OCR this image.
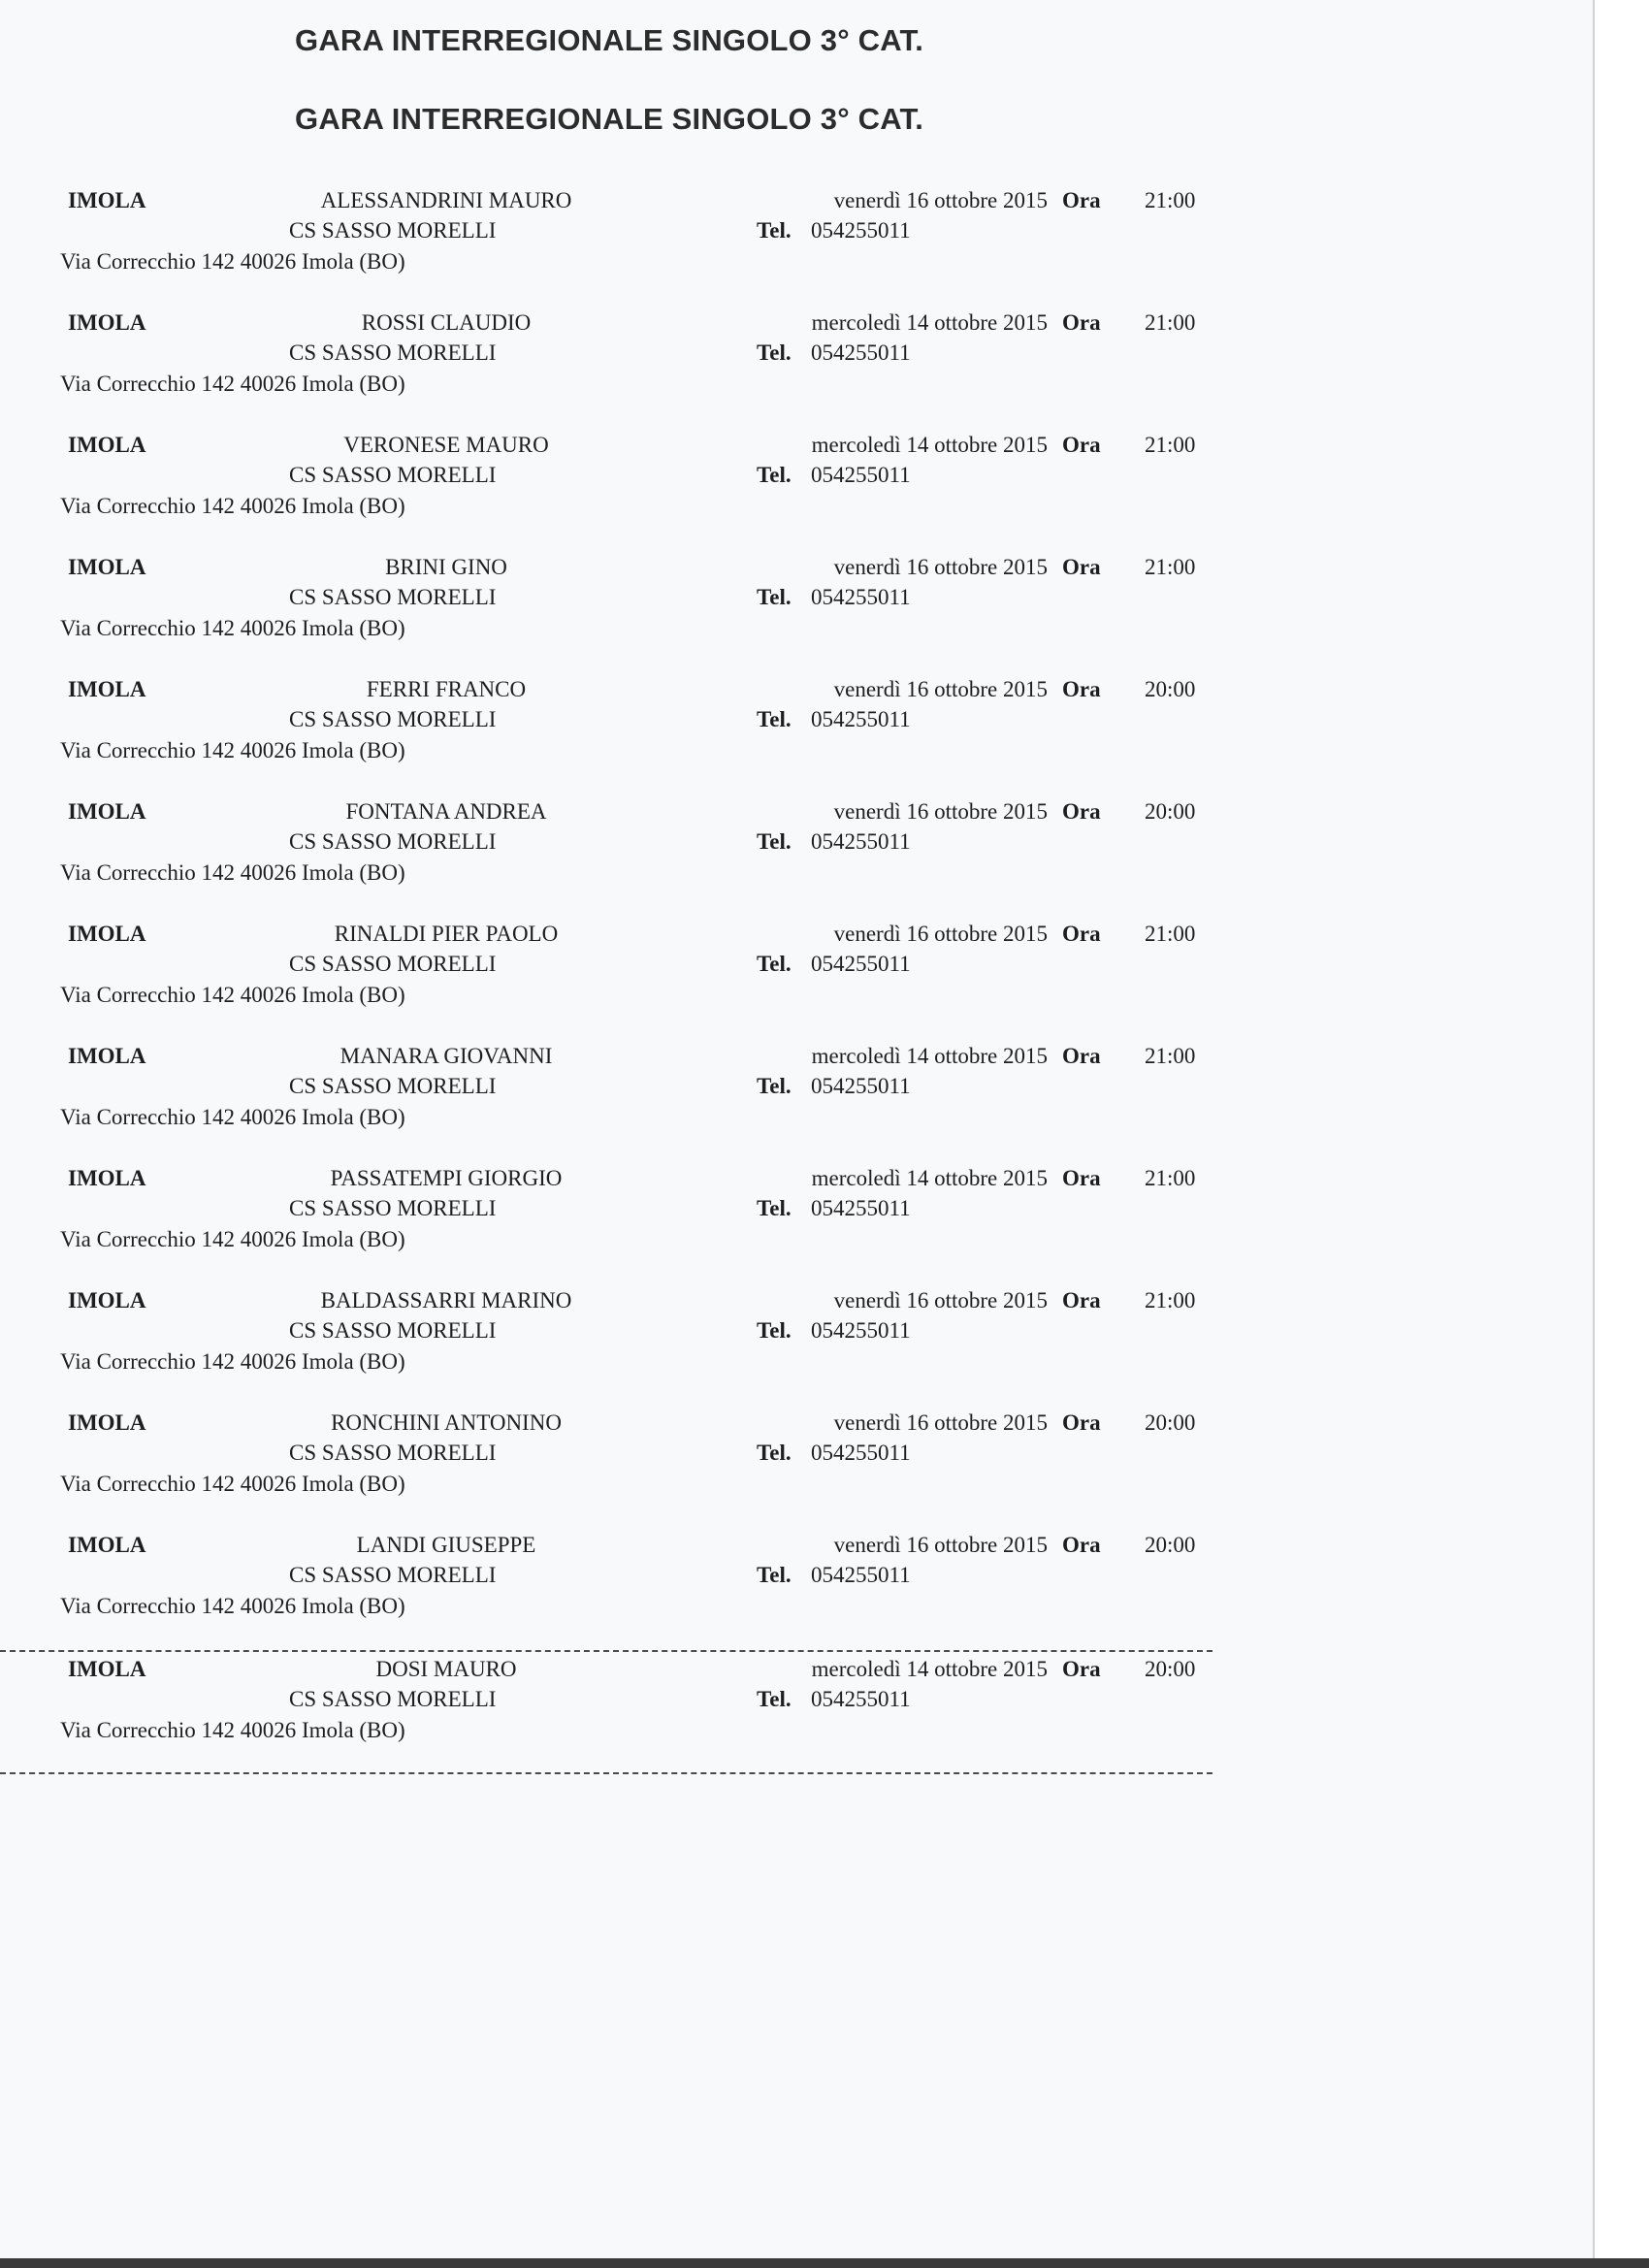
GARA INTERREGIONALE SINGOLO 3° CAT.
GARA INTERREGIONALE SINGOLO 3° CAT.
IMOLA	ALESSANDRINI MAURO	venerdì 16 ottobre 2015 Ora 21:00
CS SASSO MORELLI	Tel. 054255011
Via Correcchio 142 40026 Imola (BO)
IMOLA	ROSSI CLAUDIO	mercoledì 14 ottobre 2015 Ora 21:00
CS SASSO MORELLI	Tel. 054255011
Via Correcchio 142 40026 Imola (BO)
IMOLA	VERONESE MAURO	mercoledì 14 ottobre 2015 Ora 21:00
CS SASSO MORELLI	Tel. 054255011
Via Correcchio 142 40026 Imola (BO)
IMOLA	BRINI GINO	venerdì 16 ottobre 2015 Ora 21:00
CS SASSO MORELLI	Tel. 054255011
Via Correcchio 142 40026 Imola (BO)
IMOLA	FERRI FRANCO	venerdì 16 ottobre 2015 Ora 20:00
CS SASSO MORELLI	Tel. 054255011
Via Correcchio 142 40026 Imola (BO)
IMOLA	FONTANA ANDREA	venerdì 16 ottobre 2015 Ora 20:00
CS SASSO MORELLI	Tel. 054255011
Via Correcchio 142 40026 Imola (BO)
IMOLA	RINALDI PIER PAOLO	venerdì 16 ottobre 2015 Ora 21:00
CS SASSO MORELLI	Tel. 054255011
Via Correcchio 142 40026 Imola (BO)
IMOLA	MANARA GIOVANNI	mercoledì 14 ottobre 2015 Ora 21:00
CS SASSO MORELLI	Tel. 054255011
Via Correcchio 142 40026 Imola (BO)
IMOLA	PASSATEMPI GIORGIO	mercoledì 14 ottobre 2015 Ora 21:00
CS SASSO MORELLI	Tel. 054255011
Via Correcchio 142 40026 Imola (BO)
IMOLA	BALDASSARRI MARINO	venerdì 16 ottobre 2015 Ora 21:00
CS SASSO MORELLI	Tel. 054255011
Via Correcchio 142 40026 Imola (BO)
IMOLA	RONCHINI ANTONINO	venerdì 16 ottobre 2015 Ora 20:00
CS SASSO MORELLI	Tel. 054255011
Via Correcchio 142 40026 Imola (BO)
IMOLA	LANDI GIUSEPPE	venerdì 16 ottobre 2015 Ora 20:00
CS SASSO MORELLI	Tel. 054255011
Via Correcchio 142 40026 Imola (BO)
IMOLA	DOSI MAURO	mercoledì 14 ottobre 2015 Ora 20:00
CS SASSO MORELLI	Tel. 054255011
Via Correcchio 142 40026 Imola (BO)
